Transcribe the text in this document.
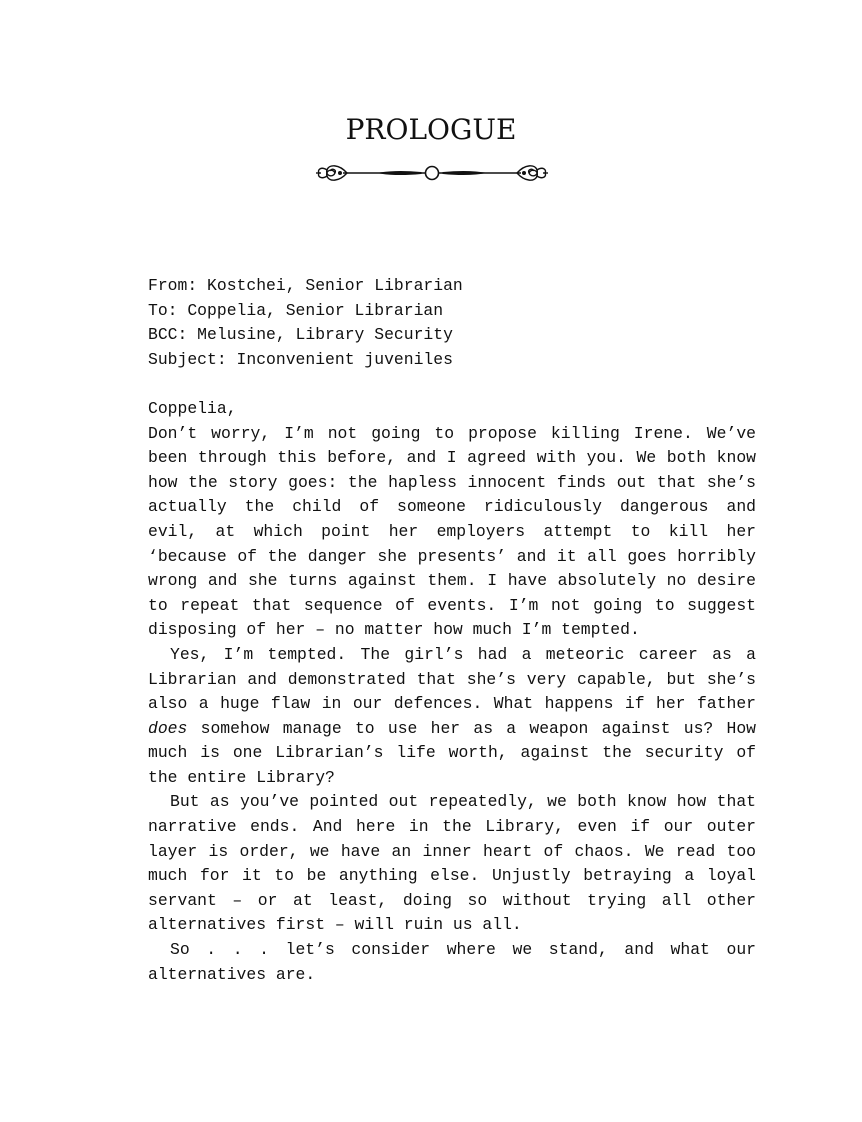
PROLOGUE

From: Kostchei, Senior Librarian

To: Coppelia, Senior Librarian

BCC: Melusine, Library Security

Subject: Inconvenient juveniles

Coppelia,

Don’t worry, I’m not going to propose killing Irene. We’ve been through this before, and I agreed with you. We both know how the story goes: the hapless innocent finds out that she’s actually the child of someone ridiculously dangerous and evil, at which point her employers attempt to kill her ‘because of the danger she presents’ and it all goes horribly wrong and she turns against them. I have absolutely no desire to repeat that sequence of events. I’m not going to suggest disposing of her – no matter how much I’m tempted.

Yes, I’m tempted. The girl’s had a meteoric career as a Librarian and demonstrated that she’s very capable, but she’s also a huge flaw in our defences. What happens if her father does somehow manage to use her as a weapon against us? How much is one Librarian’s life worth, against the security of the entire Library?

But as you’ve pointed out repeatedly, we both know how that narrative ends. And here in the Library, even if our outer layer is order, we have an inner heart of chaos. We read too much for it to be anything else. Unjustly betraying a loyal servant – or at least, doing so without trying all other alternatives first – will ruin us all.

So . . . let’s consider where we stand, and what our alternatives are.
